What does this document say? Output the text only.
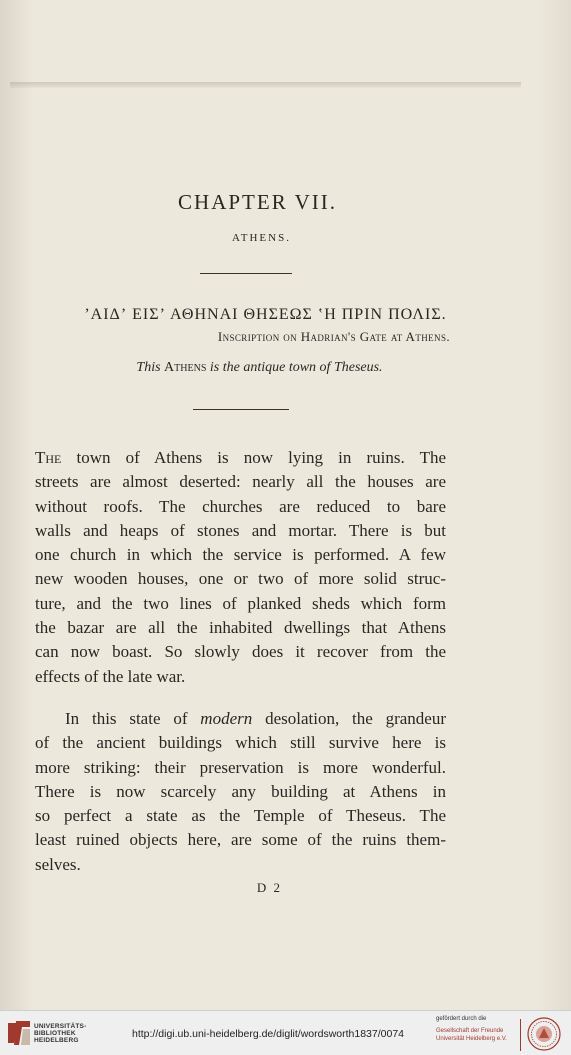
CHAPTER VII.
ATHENS.
ʼΑΙΔʼ ΕΙΣʼ ΑΘΗΝΑΙ ΘΗΣΕΩΣ ʽΗ ΠΡΙΝ ΠΟΛΙΣ.
Inscription on Hadrian's Gate at Athens.
This Athens is the antique town of Theseus.
The town of Athens is now lying in ruins. The
streets are almost deserted: nearly all the houses are
without roofs. The churches are reduced to bare
walls and heaps of stones and mortar. There is but
one church in which the service is performed. A few
new wooden houses, one or two of more solid struc-
ture, and the two lines of planked sheds which form
the bazar are all the inhabited dwellings that Athens
can now boast. So slowly does it recover from the
effects of the late war.
In this state of modern desolation, the grandeur
of the ancient buildings which still survive here is
more striking: their preservation is more wonderful.
There is now scarcely any building at Athens in
so perfect a state as the Temple of Theseus. The
least ruined objects here, are some of the ruins them-
selves.
D 2
UNIVERSITÄTS-
BIBLIOTHEK
HEIDELBERG
http://digi.ub.uni-heidelberg.de/diglit/wordsworth1837/0074
gefördert durch die
Gesellschaft der Freunde
Universität Heidelberg e.V.
